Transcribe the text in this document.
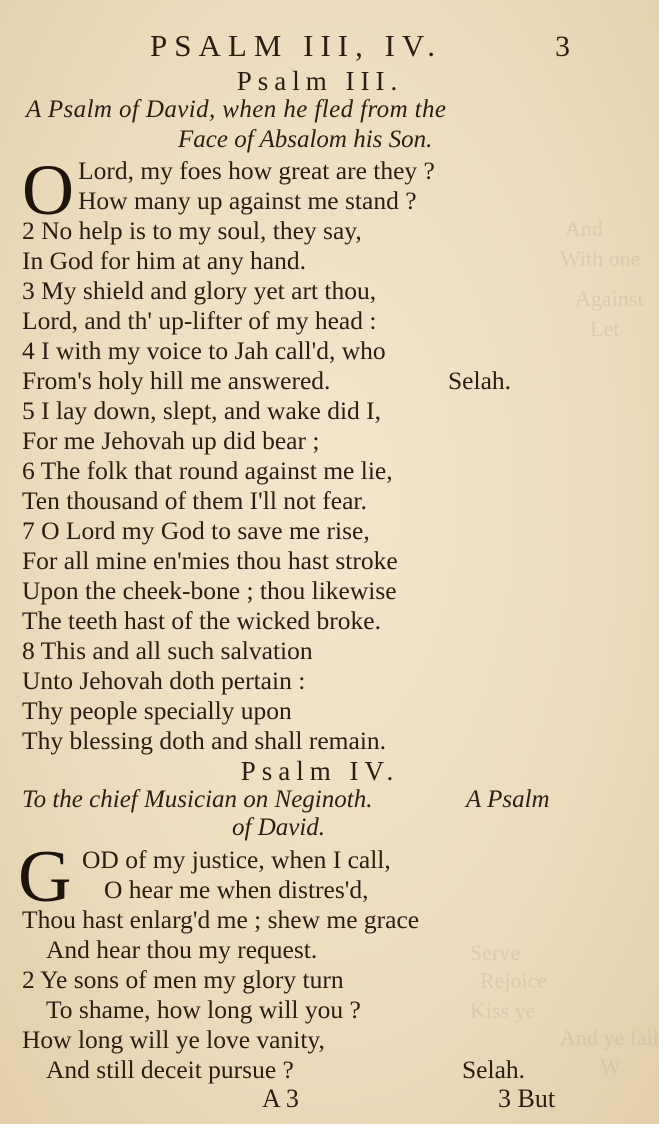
And
With one
Against
Let
Serve
Rejoice
Kiss ye
And ye fail
W
PSALM III, IV.	3
Psalm III.
A Psalm of David, when he fled from the
Face of Absalom his Son.
O Lord, my foes how great are they ?
How many up against me stand ?
2 No help is to my soul, they say,
In God for him at any hand.
3 My shield and glory yet art thou,
Lord, and th' up-lifter of my head :
4 I with my voice to Jah call'd, who
From's holy hill me answered.	Selah.
5 I lay down, slept, and wake did I,
For me Jehovah up did bear ;
6 The folk that round against me lie,
Ten thousand of them I'll not fear.
7 O Lord my God to save me rise,
For all mine en'mies thou hast stroke
Upon the cheek-bone ; thou likewise
The teeth hast of the wicked broke.
8 This and all such salvation
Unto Jehovah doth pertain :
Thy people specially upon
Thy blessing doth and shall remain.
Psalm IV.
To the chief Musician on Neginoth.	A Psalm
of David.
G OD of my justice, when I call,
O hear me when distres'd,
Thou hast enlarg'd me ; shew me grace
And hear thou my request.
2 Ye sons of men my glory turn
To shame, how long will you ?
How long will ye love vanity,
And still deceit pursue ?	Selah.
A 3	3 But
